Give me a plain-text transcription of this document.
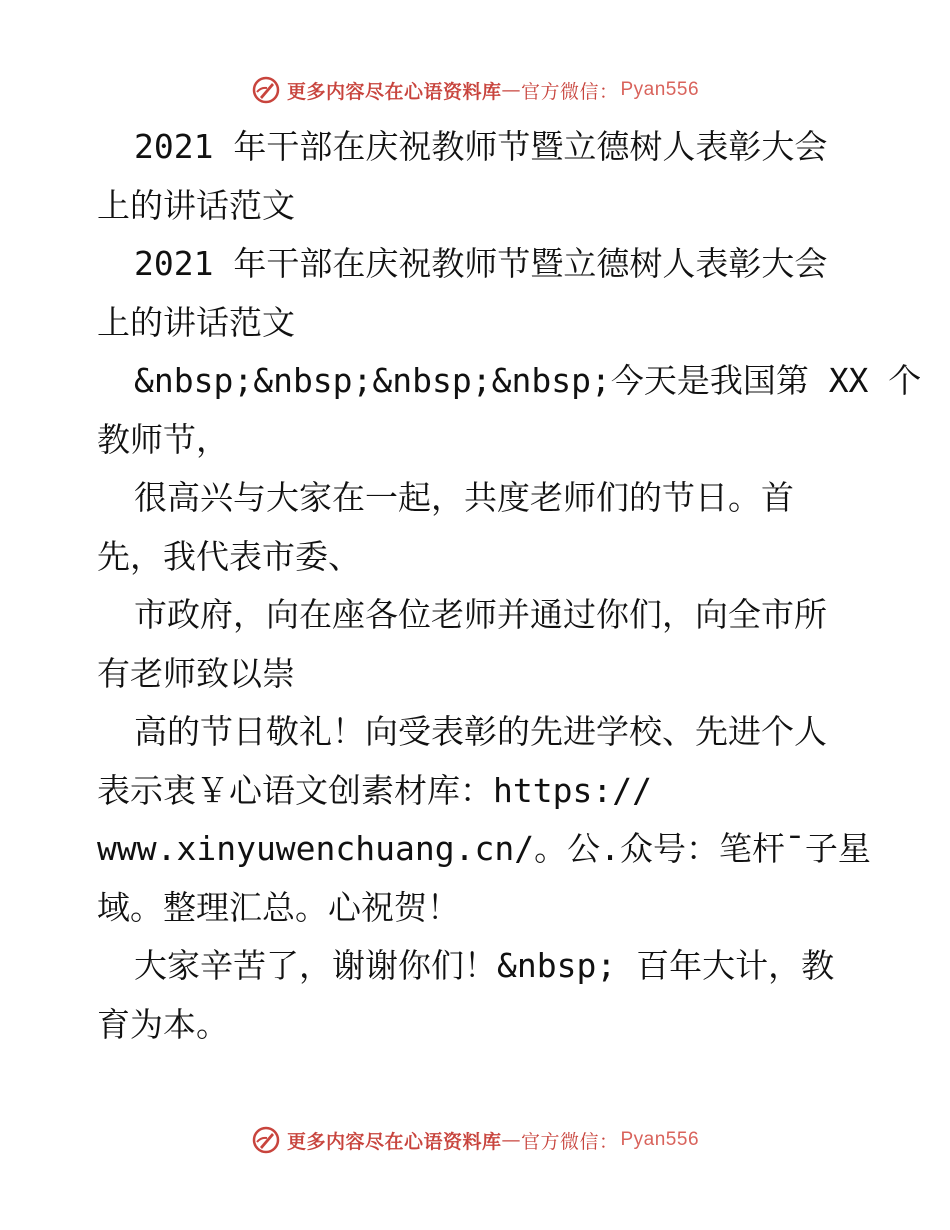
更多内容尽在心语资料库 — 官方微信： Pyan556
2021 年干部在庆祝教师节暨立德树人表彰大会
上的讲话范文
2021 年干部在庆祝教师节暨立德树人表彰大会
上的讲话范文
&nbsp;&nbsp;&nbsp;&nbsp;今天是我国第 XX 个
教师节，
很高兴与大家在一起，共度老师们的节日。首
先，我代表市委、
市政府，向在座各位老师并通过你们，向全市所
有老师致以崇
高的节日敬礼！向受表彰的先进学校、先进个人
表示衷￥心语文创素材库：https://
www.xinyuwenchuang.cn/。公.众号：笔杆¯子星
域。整理汇总。心祝贺！
大家辛苦了，谢谢你们！&nbsp; 百年大计，教
育为本。
更多内容尽在心语资料库 — 官方微信： Pyan556
